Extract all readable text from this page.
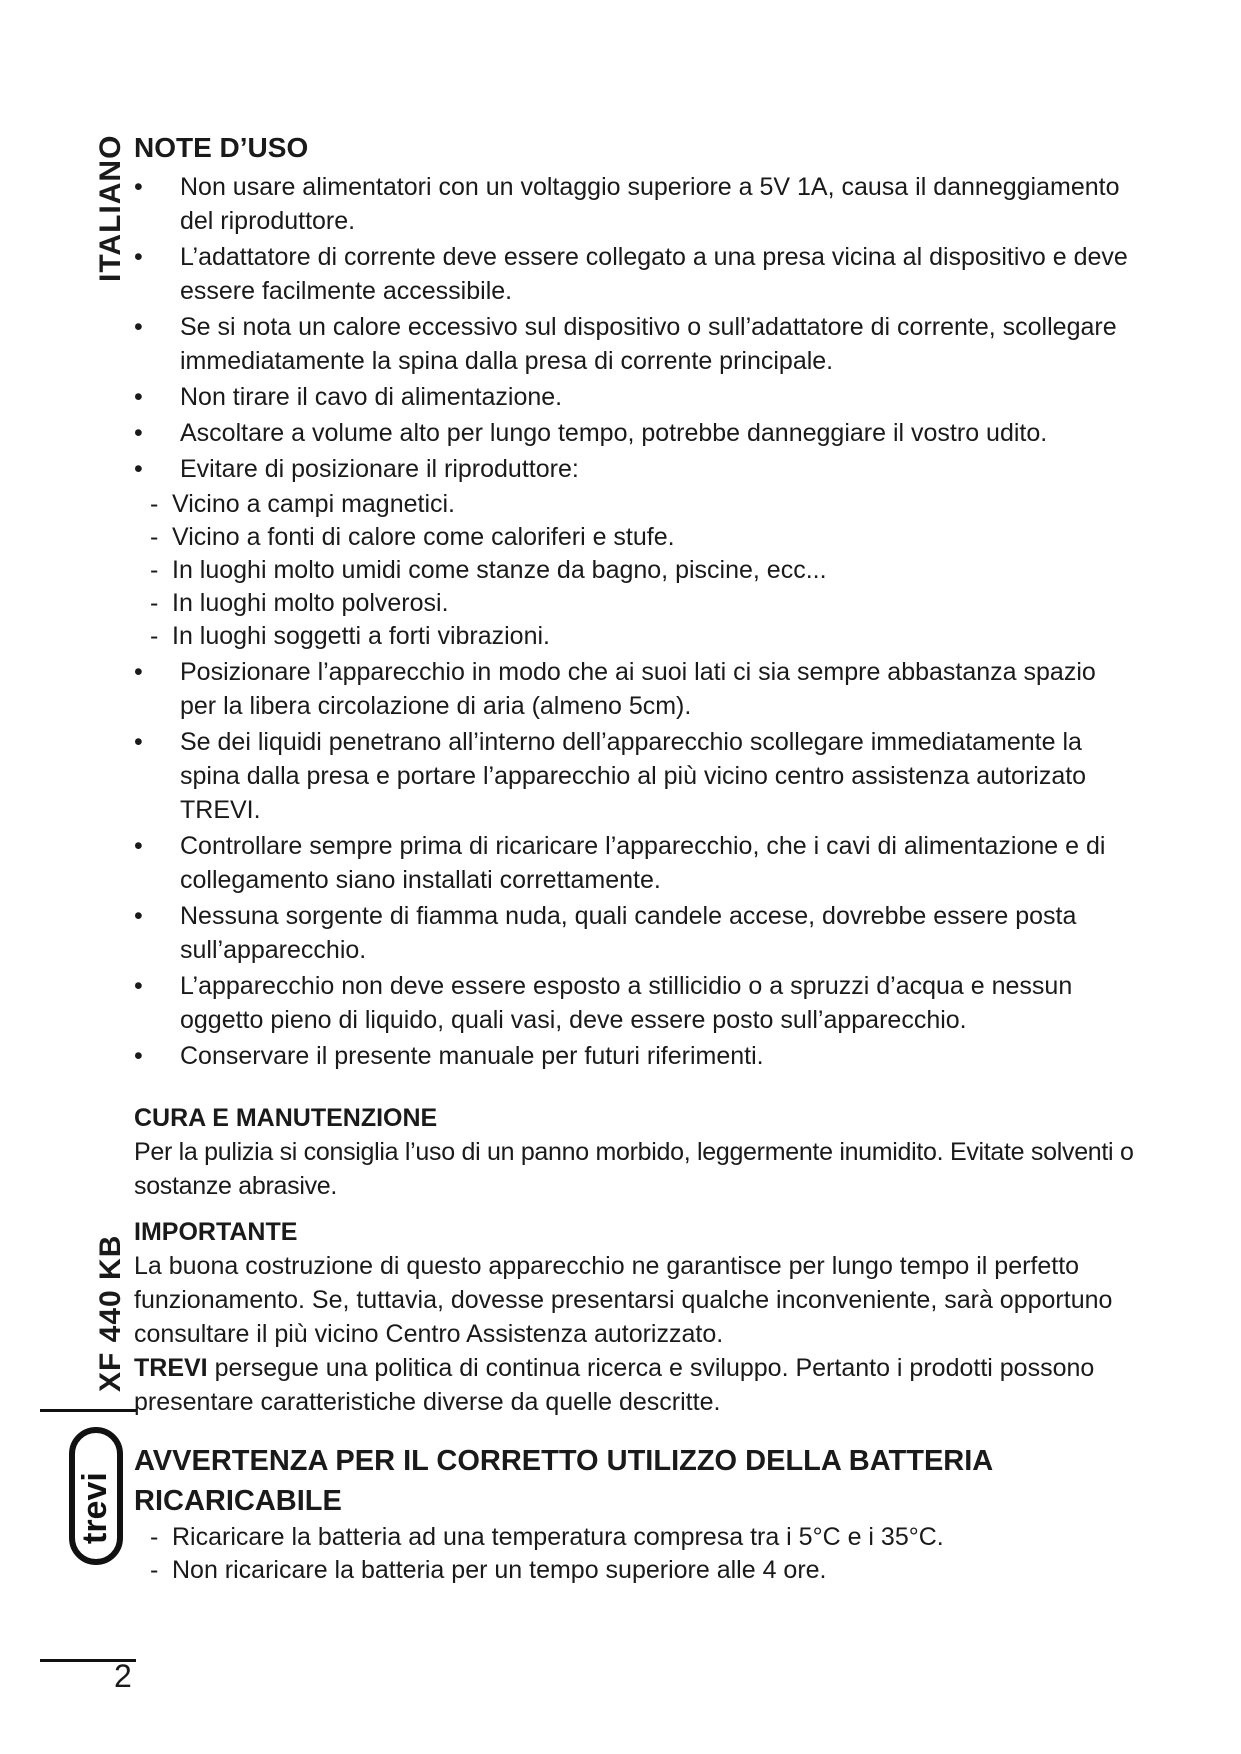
ITALIANO
XF 440 KB
trevi
2
NOTE D’USO
•	Non usare alimentatori con un voltaggio superiore a 5V 1A, causa il danneggiamento del riproduttore.
•	L’adattatore di corrente deve essere collegato a una presa vicina al dispositivo e deve essere facilmente accessibile.
•	Se si nota un calore eccessivo sul dispositivo o sull’adattatore di corrente, scollegare immediatamente la spina dalla presa di corrente principale.
•	Non tirare il cavo di alimentazione.
•	Ascoltare a volume alto per lungo tempo, potrebbe danneggiare il vostro udito.
•	Evitare di posizionare il riproduttore:
- Vicino a campi magnetici.
- Vicino a fonti di calore come caloriferi e stufe.
- In luoghi molto umidi come stanze da bagno, piscine, ecc...
- In luoghi molto polverosi.
- In luoghi soggetti a forti vibrazioni.
•	Posizionare l’apparecchio in modo che ai suoi lati ci sia sempre abbastanza spazio per la libera circolazione di aria (almeno 5cm).
•	Se dei liquidi penetrano all’interno dell’apparecchio scollegare immediatamente la spina dalla presa e portare l’apparecchio al più vicino centro assistenza autorizato TREVI.
•	Controllare sempre prima di ricaricare l’apparecchio, che i cavi di alimentazione e di collegamento siano installati correttamente.
•	Nessuna sorgente di fiamma nuda, quali candele accese, dovrebbe essere posta sull’apparecchio.
•	L’apparecchio non deve essere esposto a stillicidio o a spruzzi d’acqua e nessun oggetto pieno di liquido, quali vasi, deve essere posto sull’apparecchio.
•	Conservare il presente manuale per futuri riferimenti.
CURA E MANUTENZIONE

Per la pulizia si consiglia l’uso di un panno morbido, leggermente inumidito. Evitate solventi o sostanze abrasive.

IMPORTANTE

La buona costruzione di questo apparecchio ne garantisce per lungo tempo il perfetto funzionamento. Se, tuttavia, dovesse presentarsi qualche inconveniente, sarà opportuno consultare il più vicino Centro Assistenza autorizzato.

TREVI persegue una politica di continua ricerca e sviluppo. Pertanto i prodotti possono presentare caratteristiche diverse da quelle descritte.

AVVERTENZA PER IL CORRETTO UTILIZZO DELLA BATTERIA RICARICABILE
- Ricaricare la batteria ad una temperatura compresa tra i 5°C e i 35°C.
- Non ricaricare la batteria per un tempo superiore alle 4 ore.
